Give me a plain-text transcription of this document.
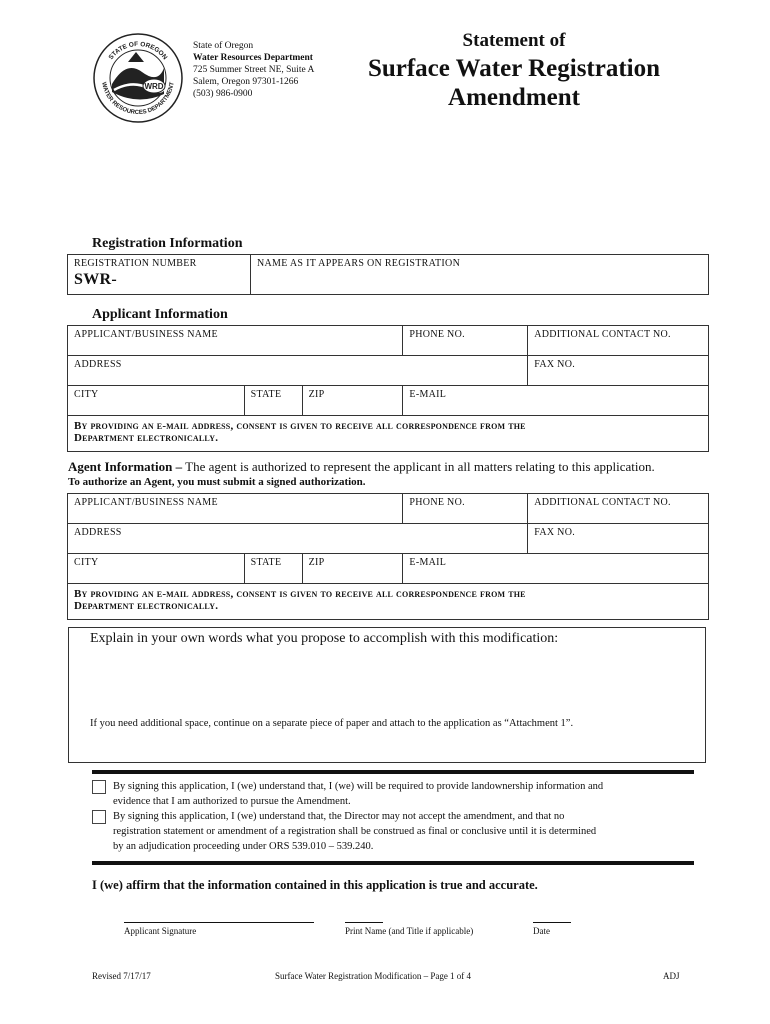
STATE OF OREGON
WATER RESOURCES DEPARTMENT
WRD
State of Oregon
Water Resources Department
725 Summer Street NE, Suite A
Salem, Oregon 97301-1266
(503) 986-0900
Statement of
Surface Water Registration
Amendment
Registration Information
REGISTRATION NUMBER
SWR-

NAME AS IT APPEARS ON REGISTRATION
Applicant Information
APPLICANT/BUSINESS NAME			PHONE NO.	ADDITIONAL CONTACT NO.
ADDRESS				FAX NO.
CITY	STATE	ZIP	E-MAIL	

By providing an e-mail address, consent is given to receive all correspondence from the
Department electronically.				
Agent Information – The agent is authorized to represent the applicant in all matters relating to this application.
To authorize an Agent, you must submit a signed authorization.
APPLICANT/BUSINESS NAME			PHONE NO.	ADDITIONAL CONTACT NO.
ADDRESS				FAX NO.
CITY	STATE	ZIP	E-MAIL	

By providing an e-mail address, consent is given to receive all correspondence from the
Department electronically.				
Explain in your own words what you propose to accomplish with this modification:
If you need additional space, continue on a separate piece of paper and attach to the application as “Attachment 1”.
By signing this application, I (we) understand that, I (we) will be required to provide landownership information and
evidence that I am authorized to pursue the Amendment.
By signing this application, I (we) understand that, the Director may not accept the amendment, and that no
registration statement or amendment of a registration shall be construed as final or conclusive until it is determined
by an adjudication proceeding under ORS 539.010 – 539.240.
I (we) affirm that the information contained in this application is true and accurate.
Applicant Signature	Print Name (and Title if applicable)	Date
Revised 7/17/17	Surface Water Registration Modification – Page 1 of 4	ADJ
